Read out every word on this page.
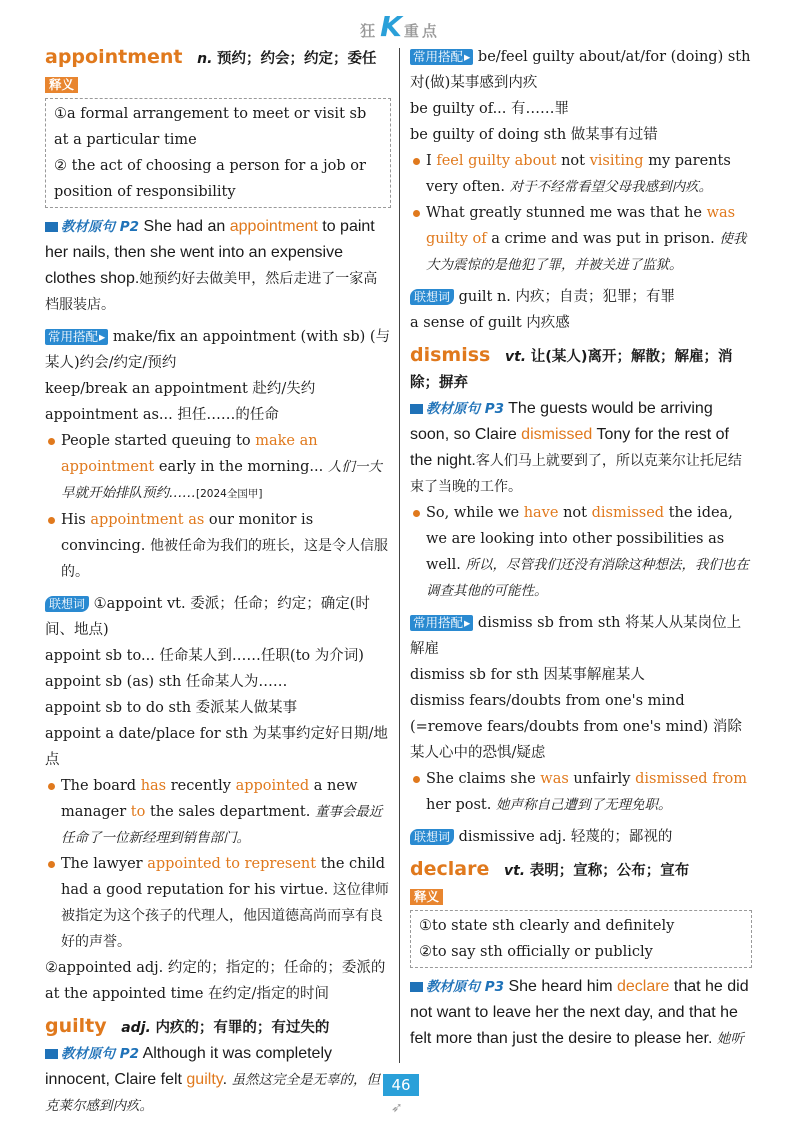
狂K 重点

appointment n. 预约；约会；约定；委任

释义

①a formal arrangement to meet or visit sb at a particular time

② the act of choosing a person for a job or position of responsibility

教材原句 P2 She had an appointment to paint her nails, then she went into an expensive clothes shop.她预约好去做美甲，然后走进了一家高档服装店。

常用搭配 ▸ make/fix an appointment (with sb) (与某人)约会/约定/预约

keep/break an appointment 赴约/失约

appointment as... 担任……的任命

People started queuing to make an appointment early in the morning... 人们一大早就开始排队预约……[2024全国甲]

His appointment as our monitor is convincing. 他被任命为我们的班长，这是令人信服的。

联想词 ①appoint vt. 委派；任命；约定；确定(时间、地点)

appoint sb to... 任命某人到……任职(to 为介词)

appoint sb (as) sth 任命某人为……

appoint sb to do sth 委派某人做某事

appoint a date/place for sth 为某事约定好日期/地点

The board has recently appointed a new manager to the sales department. 董事会最近任命了一位新经理到销售部门。

The lawyer appointed to represent the child had a good reputation for his virtue. 这位律师被指定为这个孩子的代理人，他因道德高尚而享有良好的声誉。

②appointed adj. 约定的；指定的；任命的；委派的

at the appointed time 在约定/指定的时间

guilty adj. 内疚的；有罪的；有过失的

教材原句 P2 Although it was completely innocent, Claire felt guilty. 虽然这完全是无辜的，但克莱尔感到内疚。

常用搭配 ▸ be/feel guilty about/at/for (doing) sth 对(做)某事感到内疚

be guilty of... 有……罪

be guilty of doing sth 做某事有过错

I feel guilty about not visiting my parents very often. 对于不经常看望父母我感到内疚。

What greatly stunned me was that he was guilty of a crime and was put in prison. 使我大为震惊的是他犯了罪，并被关进了监狱。

联想词 guilt n. 内疚；自责；犯罪；有罪

a sense of guilt 内疚感

dismiss vt. 让(某人)离开；解散；解雇；消除；摒弃

教材原句 P3 The guests would be arriving soon, so Claire dismissed Tony for the rest of the night.客人们马上就要到了，所以克莱尔让托尼结束了当晚的工作。

So, while we have not dismissed the idea, we are looking into other possibilities as well. 所以，尽管我们还没有消除这种想法，我们也在调查其他的可能性。

常用搭配 ▸ dismiss sb from sth 将某人从某岗位上解雇

dismiss sb for sth 因某事解雇某人

dismiss fears/doubts from one's mind (=remove fears/doubts from one's mind) 消除某人心中的恐惧/疑虑

She claims she was unfairly dismissed from her post. 她声称自己遭到了无理免职。

联想词 dismissive adj. 轻蔑的；鄙视的

declare vt. 表明；宣称；公布；宣布

释义

①to state sth clearly and definitely

②to say sth officially or publicly

教材原句 P3 She heard him declare that he did not want to leave her the next day, and that he felt more than just the desire to please her. 她听

46
➶
